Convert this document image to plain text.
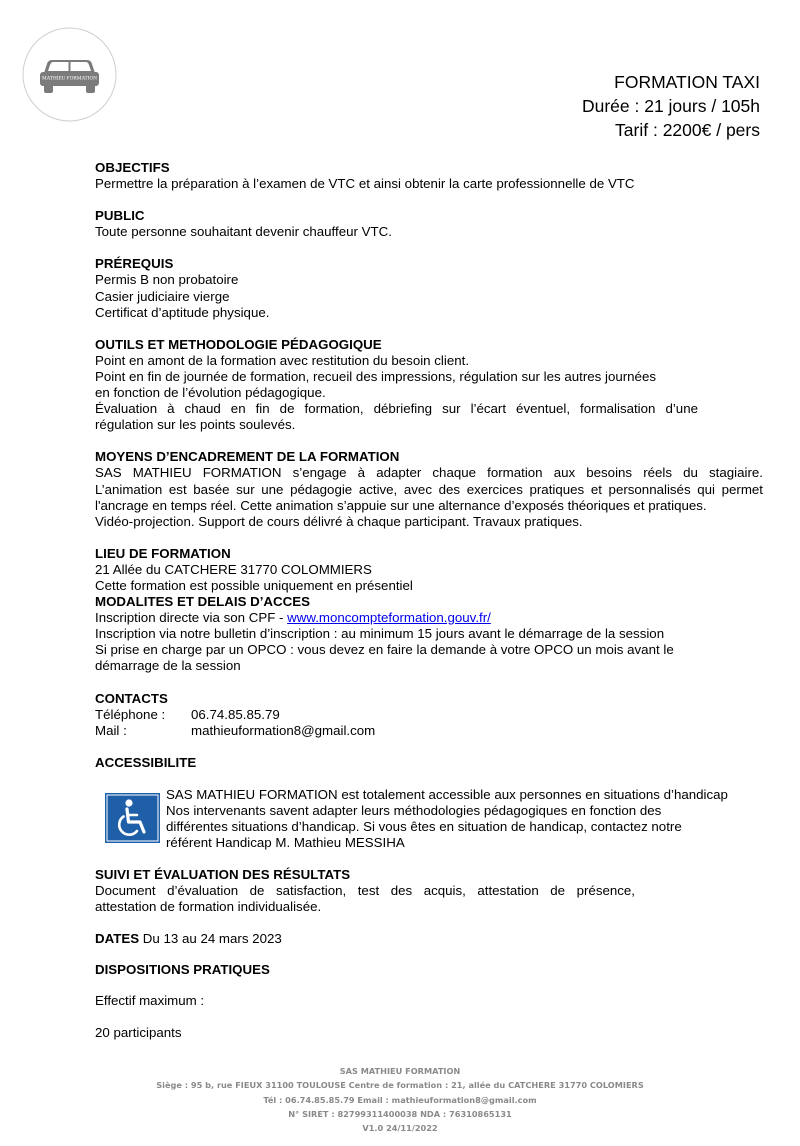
MATHIEU FORMATION	FORMATION TAXI
Durée : 21 jours / 105h
Tarif : 2200€ / pers
OBJECTIFS
Permettre la préparation à l’examen de VTC et ainsi obtenir la carte professionnelle de VTC
PUBLIC
Toute personne souhaitant devenir chauffeur VTC.
PRÉREQUIS
Permis B non probatoire
Casier judiciaire vierge
Certificat d’aptitude physique.
OUTILS ET METHODOLOGIE PÉDAGOGIQUE
Point en amont de la formation avec restitution du besoin client.
Point en fin de journée de formation, recueil des impressions, régulation sur les autres journées
en fonction de l’évolution pédagogique.
Évaluation à chaud en fin de formation, débriefing sur l’écart éventuel, formalisation d’une
régulation sur les points soulevés.
MOYENS D’ENCADREMENT DE LA FORMATION
SAS MATHIEU FORMATION s’engage à adapter chaque formation aux besoins réels du stagiaire.
L’animation est basée sur une pédagogie active, avec des exercices pratiques et personnalisés qui permet
l'ancrage en temps réel. Cette animation s’appuie sur une alternance d’exposés théoriques et pratiques.
Vidéo-projection. Support de cours délivré à chaque participant. Travaux pratiques.
LIEU DE FORMATION
21 Allée du CATCHERE 31770 COLOMMIERS
Cette formation est possible uniquement en présentiel
MODALITES ET DELAIS D’ACCES
Inscription directe via son CPF - www.moncompteformation.gouv.fr/
Inscription via notre bulletin d’inscription : au minimum 15 jours avant le démarrage de la session
Si prise en charge par un OPCO : vous devez en faire la demande à votre OPCO un mois avant le
démarrage de la session
CONTACTS
Téléphone :	06.74.85.85.79
Mail :	mathieuformation8@gmail.com
ACCESSIBILITE
SAS MATHIEU FORMATION est totalement accessible aux personnes en situations d’handicap
Nos intervenants savent adapter leurs méthodologies pédagogiques en fonction des
différentes situations d’handicap. Si vous êtes en situation de handicap, contactez notre
référent Handicap M. Mathieu MESSIHA
SUIVI ET ÉVALUATION DES RÉSULTATS
Document d’évaluation de satisfaction, test des acquis, attestation de présence,
attestation de formation individualisée.
DATES Du 13 au 24 mars 2023
DISPOSITIONS PRATIQUES
Effectif maximum :
20 participants
SAS MATHIEU FORMATION
Siège : 95 b, rue FIEUX 31100 TOULOUSE Centre de formation : 21, allée du CATCHERE 31770 COLOMIERS
Tél : 06.74.85.85.79 Email : mathieuformation8@gmail.com
N° SIRET : 82799311400038 NDA : 76310865131
V1.0 24/11/2022
